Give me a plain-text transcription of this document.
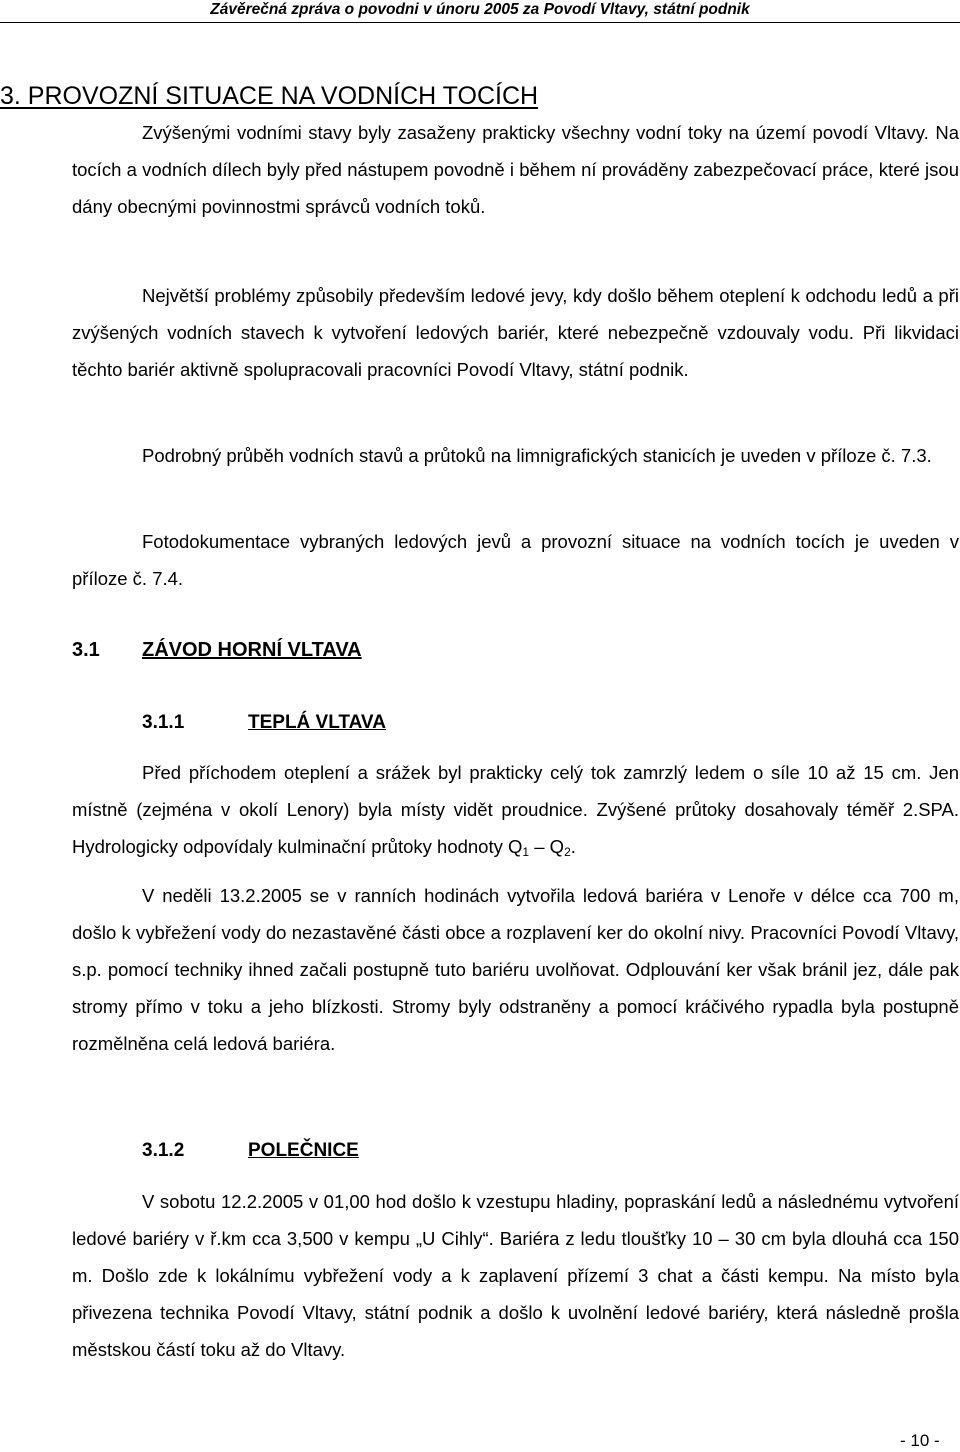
Závěrečná zpráva o povodni v únoru 2005 za Povodí Vltavy, státní podnik
3. PROVOZNÍ SITUACE NA VODNÍCH TOCÍCH

Zvýšenými vodními stavy byly zasaženy prakticky všechny vodní toky na území povodí Vltavy. Na tocích a vodních dílech byly před nástupem povodně i během ní prováděny zabezpečovací práce, které jsou dány obecnými povinnostmi správců vodních toků.

Největší problémy způsobily především ledové jevy, kdy došlo během oteplení k odchodu ledů a při zvýšených vodních stavech k vytvoření ledových bariér, které nebezpečně vzdouvaly vodu. Při likvidaci těchto bariér aktivně spolupracovali pracovníci Povodí Vltavy, státní podnik.

Podrobný průběh vodních stavů a průtoků na limnigrafických stanicích je uveden v příloze č. 7.3.

Fotodokumentace vybraných ledových jevů a provozní situace na vodních tocích je uveden v příloze č. 7.4.

3.1 ZÁVOD HORNÍ VLTAVA
3.1.1	TEPLÁ VLTAVA

Před příchodem oteplení a srážek byl prakticky celý tok zamrzlý ledem o síle 10 až 15 cm. Jen místně (zejména v okolí Lenory) byla místy vidět proudnice. Zvýšené průtoky dosahovaly téměř 2.SPA. Hydrologicky odpovídaly kulminační průtoky hodnoty $Q_1 - Q_2$.

V neděli 13.2.2005 se v ranních hodinách vytvořila ledová bariéra v Lenoře v délce cca 700 m, došlo k vybřežení vody do nezastavěné části obce a rozplavení ker do okolní nivy. Pracovníci Povodí Vltavy, s.p. pomocí techniky ihned začali postupně tuto bariéru uvolňovat. Odplouvání ker však bránil jez, dále pak stromy přímo v toku a jeho blízkosti. Stromy byly odstraněny a pomocí kráčivého rypadla byla postupně rozmělněna celá ledová bariéra.

3.1.2	POLEČNICE

V sobotu 12.2.2005 v 01,00 hod došlo k vzestupu hladiny, popraskání ledů a následnému vytvoření ledové bariéry v ř.km cca 3,500 v kempu „U Cihly“. Bariéra z ledu tloušťky 10 – 30 cm byla dlouhá cca 150 m. Došlo zde k lokálnímu vybřežení vody a k zaplavení přízemí 3 chat a části kempu. Na místo byla přivezena technika Povodí Vltavy, státní podnik a došlo k uvolnění ledové bariéry, která následně prošla městskou částí toku až do Vltavy.

- 10 -
